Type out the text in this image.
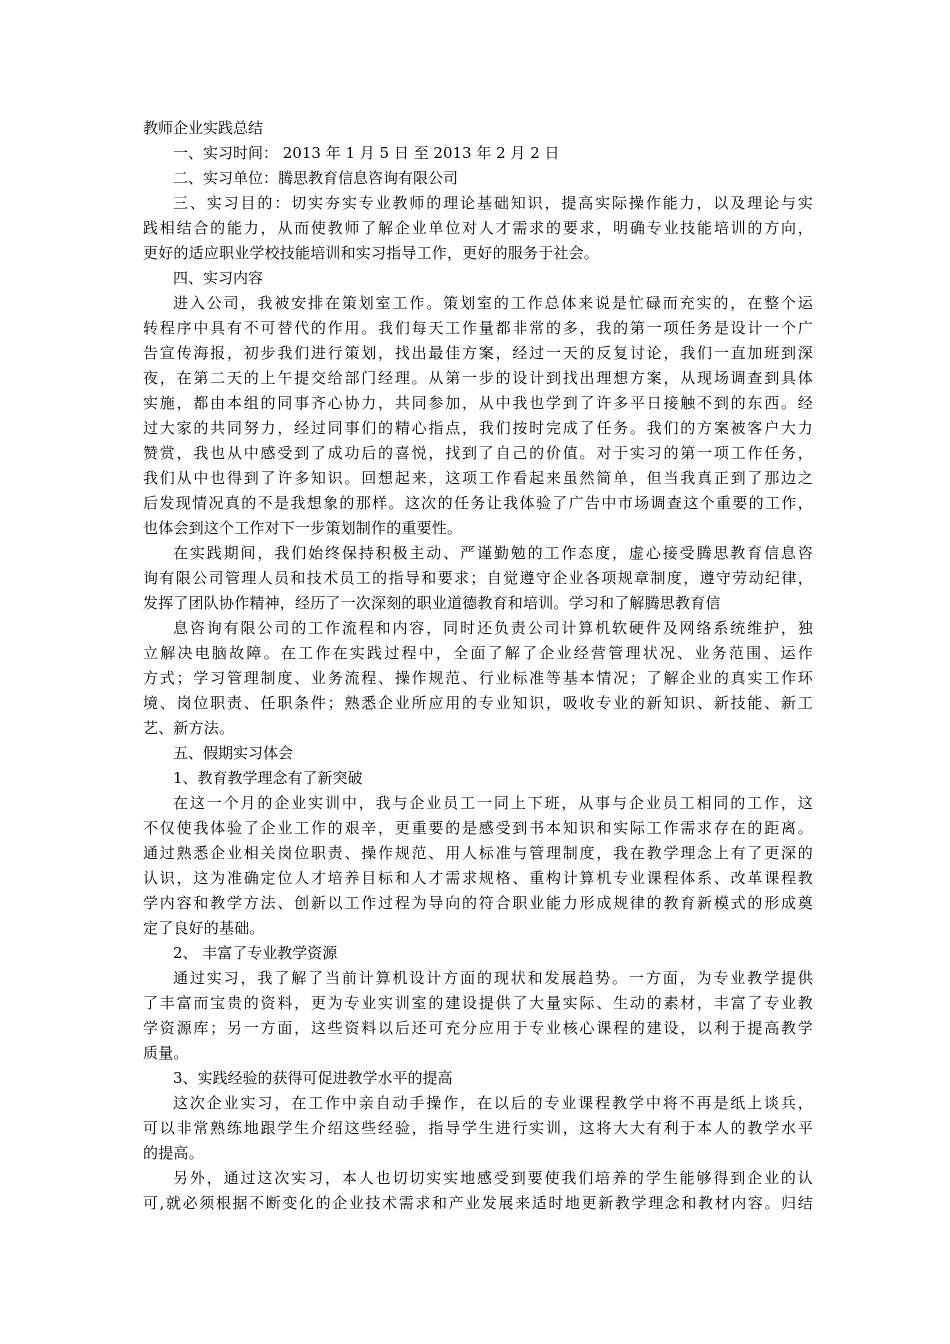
教师企业实践总结
一、实习时间： 2013 年 1 月 5 日 至 2013 年 2 月 2 日
二、实习单位：腾思教育信息咨询有限公司
三、实习目的：切实夯实专业教师的理论基础知识，提高实际操作能力，以及理论与实
践相结合的能力，从而使教师了解企业单位对人才需求的要求，明确专业技能培训的方向，
更好的适应职业学校技能培训和实习指导工作，更好的服务于社会。
四、实习内容
进入公司，我被安排在策划室工作。策划室的工作总体来说是忙碌而充实的，在整个运
转程序中具有不可替代的作用。我们每天工作量都非常的多，我的第一项任务是设计一个广
告宣传海报，初步我们进行策划，找出最佳方案，经过一天的反复讨论，我们一直加班到深
夜，在第二天的上午提交给部门经理。从第一步的设计到找出理想方案，从现场调查到具体
实施，都由本组的同事齐心协力，共同参加，从中我也学到了许多平日接触不到的东西。经
过大家的共同努力，经过同事们的精心指点，我们按时完成了任务。我们的方案被客户大力
赞赏，我也从中感受到了成功后的喜悦，找到了自己的价值。对于实习的第一项工作任务，
我们从中也得到了许多知识。回想起来，这项工作看起来虽然简单，但当我真正到了那边之
后发现情况真的不是我想象的那样。这次的任务让我体验了广告中市场调查这个重要的工作，
也体会到这个工作对下一步策划制作的重要性。
在实践期间，我们始终保持积极主动、严谨勤勉的工作态度，虚心接受腾思教育信息咨
询有限公司管理人员和技术员工的指导和要求；自觉遵守企业各项规章制度，遵守劳动纪律，
发挥了团队协作精神，经历了一次深刻的职业道德教育和培训。学习和了解腾思教育信
息咨询有限公司的工作流程和内容，同时还负责公司计算机软硬件及网络系统维护，独
立解决电脑故障。在工作在实践过程中，全面了解了企业经营管理状况、业务范围、运作
方式；学习管理制度、业务流程、操作规范、行业标准等基本情况；了解企业的真实工作环
境、岗位职责、任职条件；熟悉企业所应用的专业知识，吸收专业的新知识、新技能、新工
艺、新方法。
五、假期实习体会
1、教育教学理念有了新突破
在这一个月的企业实训中，我与企业员工一同上下班，从事与企业员工相同的工作，这
不仅使我体验了企业工作的艰辛，更重要的是感受到书本知识和实际工作需求存在的距离。
通过熟悉企业相关岗位职责、操作规范、用人标准与管理制度，我在教学理念上有了更深的
认识，这为准确定位人才培养目标和人才需求规格、重构计算机专业课程体系、改革课程教
学内容和教学方法、创新以工作过程为导向的符合职业能力形成规律的教育新模式的形成奠
定了良好的基础。
2、 丰富了专业教学资源
通过实习，我了解了当前计算机设计方面的现状和发展趋势。一方面，为专业教学提供
了丰富而宝贵的资料，更为专业实训室的建设提供了大量实际、生动的素材，丰富了专业教
学资源库；另一方面，这些资料以后还可充分应用于专业核心课程的建设，以利于提高教学
质量。
3、实践经验的获得可促进教学水平的提高
这次企业实习，在工作中亲自动手操作，在以后的专业课程教学中将不再是纸上谈兵，
可以非常熟练地跟学生介绍这些经验，指导学生进行实训，这将大大有利于本人的教学水平
的提高。
另外，通过这次实习，本人也切切实实地感受到要使我们培养的学生能够得到企业的认
可,就必须根据不断变化的企业技术需求和产业发展来适时地更新教学理念和教材内容。归结
